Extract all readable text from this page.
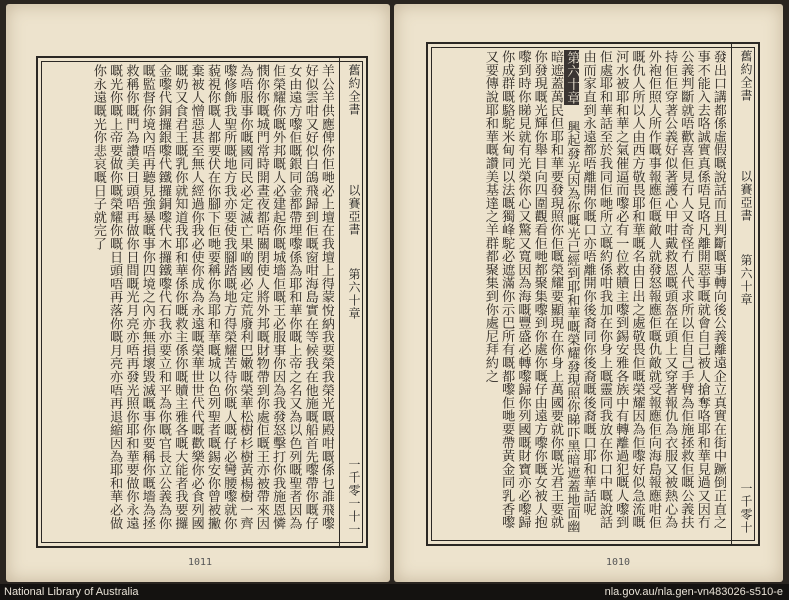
羊公羊供應俾你佢哋必上壇在我壇上得蒙悅納我要榮我榮光嘅殿咁嘅係乜誰飛嚟好似雲咁又好似白鴿飛歸到佢嘅窗咁海島實在等候我在他施嘅船首先嚟帶你嘅仔女由遠方嚟佢嘅銀同金都帶埋嚟係為耶和華你嘅上帝之名又為以色列嘅聖者因為佢榮耀你嘅外邦嘅人必建起你嘅城墻佢嘅王必服事你因為我發怒擊打你我施恩憐憫你你嘅城門常時開晝夜都唔關閉使人將外邦嘅財物帶到你處佢嘅王亦被帶來因為唔服事你嘅國同民必定滅亡果啲國必定荒廢利巴嫩嘅榮華松樹杉樹黃楊樹一齊嚟修飾我聖所嘅地方我亦要使我腳踏嘅地方得榮耀苦待你嘅人嘅仔必彎腰嚟就你藐視你嘅人都要伏在你腳下佢哋要稱你為耶和華嘅城以色列聖者嘅錫安你曾被撇棄被人憎惡甚至無人經過你我必使你成為永遠嘅榮華世世代代嘅歡樂你必食列國嘅奶又食君王嘅乳你就知道我耶和華係你嘅救主係你嘅贖主雅各嘅大能者我要攞金嚟代銅攞銀嚟代鐵攞銅嚟代木攞鐵嚟代石我亦要立和平為你嘅官長立公義為你嘅監督你境內唔再聽見強暴嘅事你四境之內亦無損壞毀滅嘅事你要稱你嘅墻為拯救稱你嘅門為讚美日頭唔再做你日間嘅光月亮亦唔再發光照你耶和華要做你永遠嘅光你嘅上帝要做你嘅榮耀你嘅日頭唔再落你嘅月亮亦唔再退縮因為耶和華必做你永遠嘅光你悲哀嘅日子就完了	舊約全書
以賽亞書
第六十章
一千零一十一
1011
發出口講都係虛假嘅說話而且判斷嘅事轉向後公義離遠企立真實在街中蹶倒正直之事不能入去咯誠實真係唔見咯凡離開惡事嘅就會自己被人搶奪咯耶和華見過又因冇公義判斷就唔歡喜佢見冇人又奇怪冇人代求所以佢自己手臂為佢施拯救佢嘅公義扶持佢佢穿著公義好似著護心甲咁戴救恩嘅頭盔在頭上又穿著報仇為衣服又被熱心為外袍佢照人所作嘅事報應佢嘅敵人就發怒報應佢嘅仇敵就受報應佢向海島報應咁佢嘅仇人所以人由西方敬畏耶和華嘅名由日出之處敬畏佢嘅榮耀因為佢嚟好似急流嘅河水被耶和華之氣催逼而嚟必有一位救贖主嚟到錫安雅各族中有轉離過犯嘅人嚟到佢處耶和華話至於我同佢哋所立嘅約係咁我加在你身上嘅靈同我放在你口中嘅說話由而家直到永遠都唔離開你嘅口亦唔離開你後裔同你後裔嘅後裔嘅口耶和華話呢 第六十章 興起發光因為你嘅光已經到耶和華嘅榮耀發現照你睇吓黑暗遮蓋地面幽暗遮蓋萬民但耶和華要發現照你佢嘅榮耀要顯現在你身上萬國要就你嘅光君王要就你發現嘅光輝你舉目向四圍觀看佢哋都聚集嚟到你處你嘅仔由遠方嚟你嘅女被人抱嚟到時你睇見就有光榮你心又驚又寬因為海嘅豐盛必轉嚟歸你列國嘅財寶亦必嚟歸你成群嘅駱駝米甸同以法嘅獨峰駝必遮滿你示巴所有嘅都嚟佢哋要帶黃金同乳香嚟又要傳說耶和華嘅讚美基達之羊群都聚集到你處尼拜約之	舊約全書
以賽亞書
第六十章
一千零十
1010
National Library of Australia	nla.gov.au/nla.gen-vn483026-s510-e
